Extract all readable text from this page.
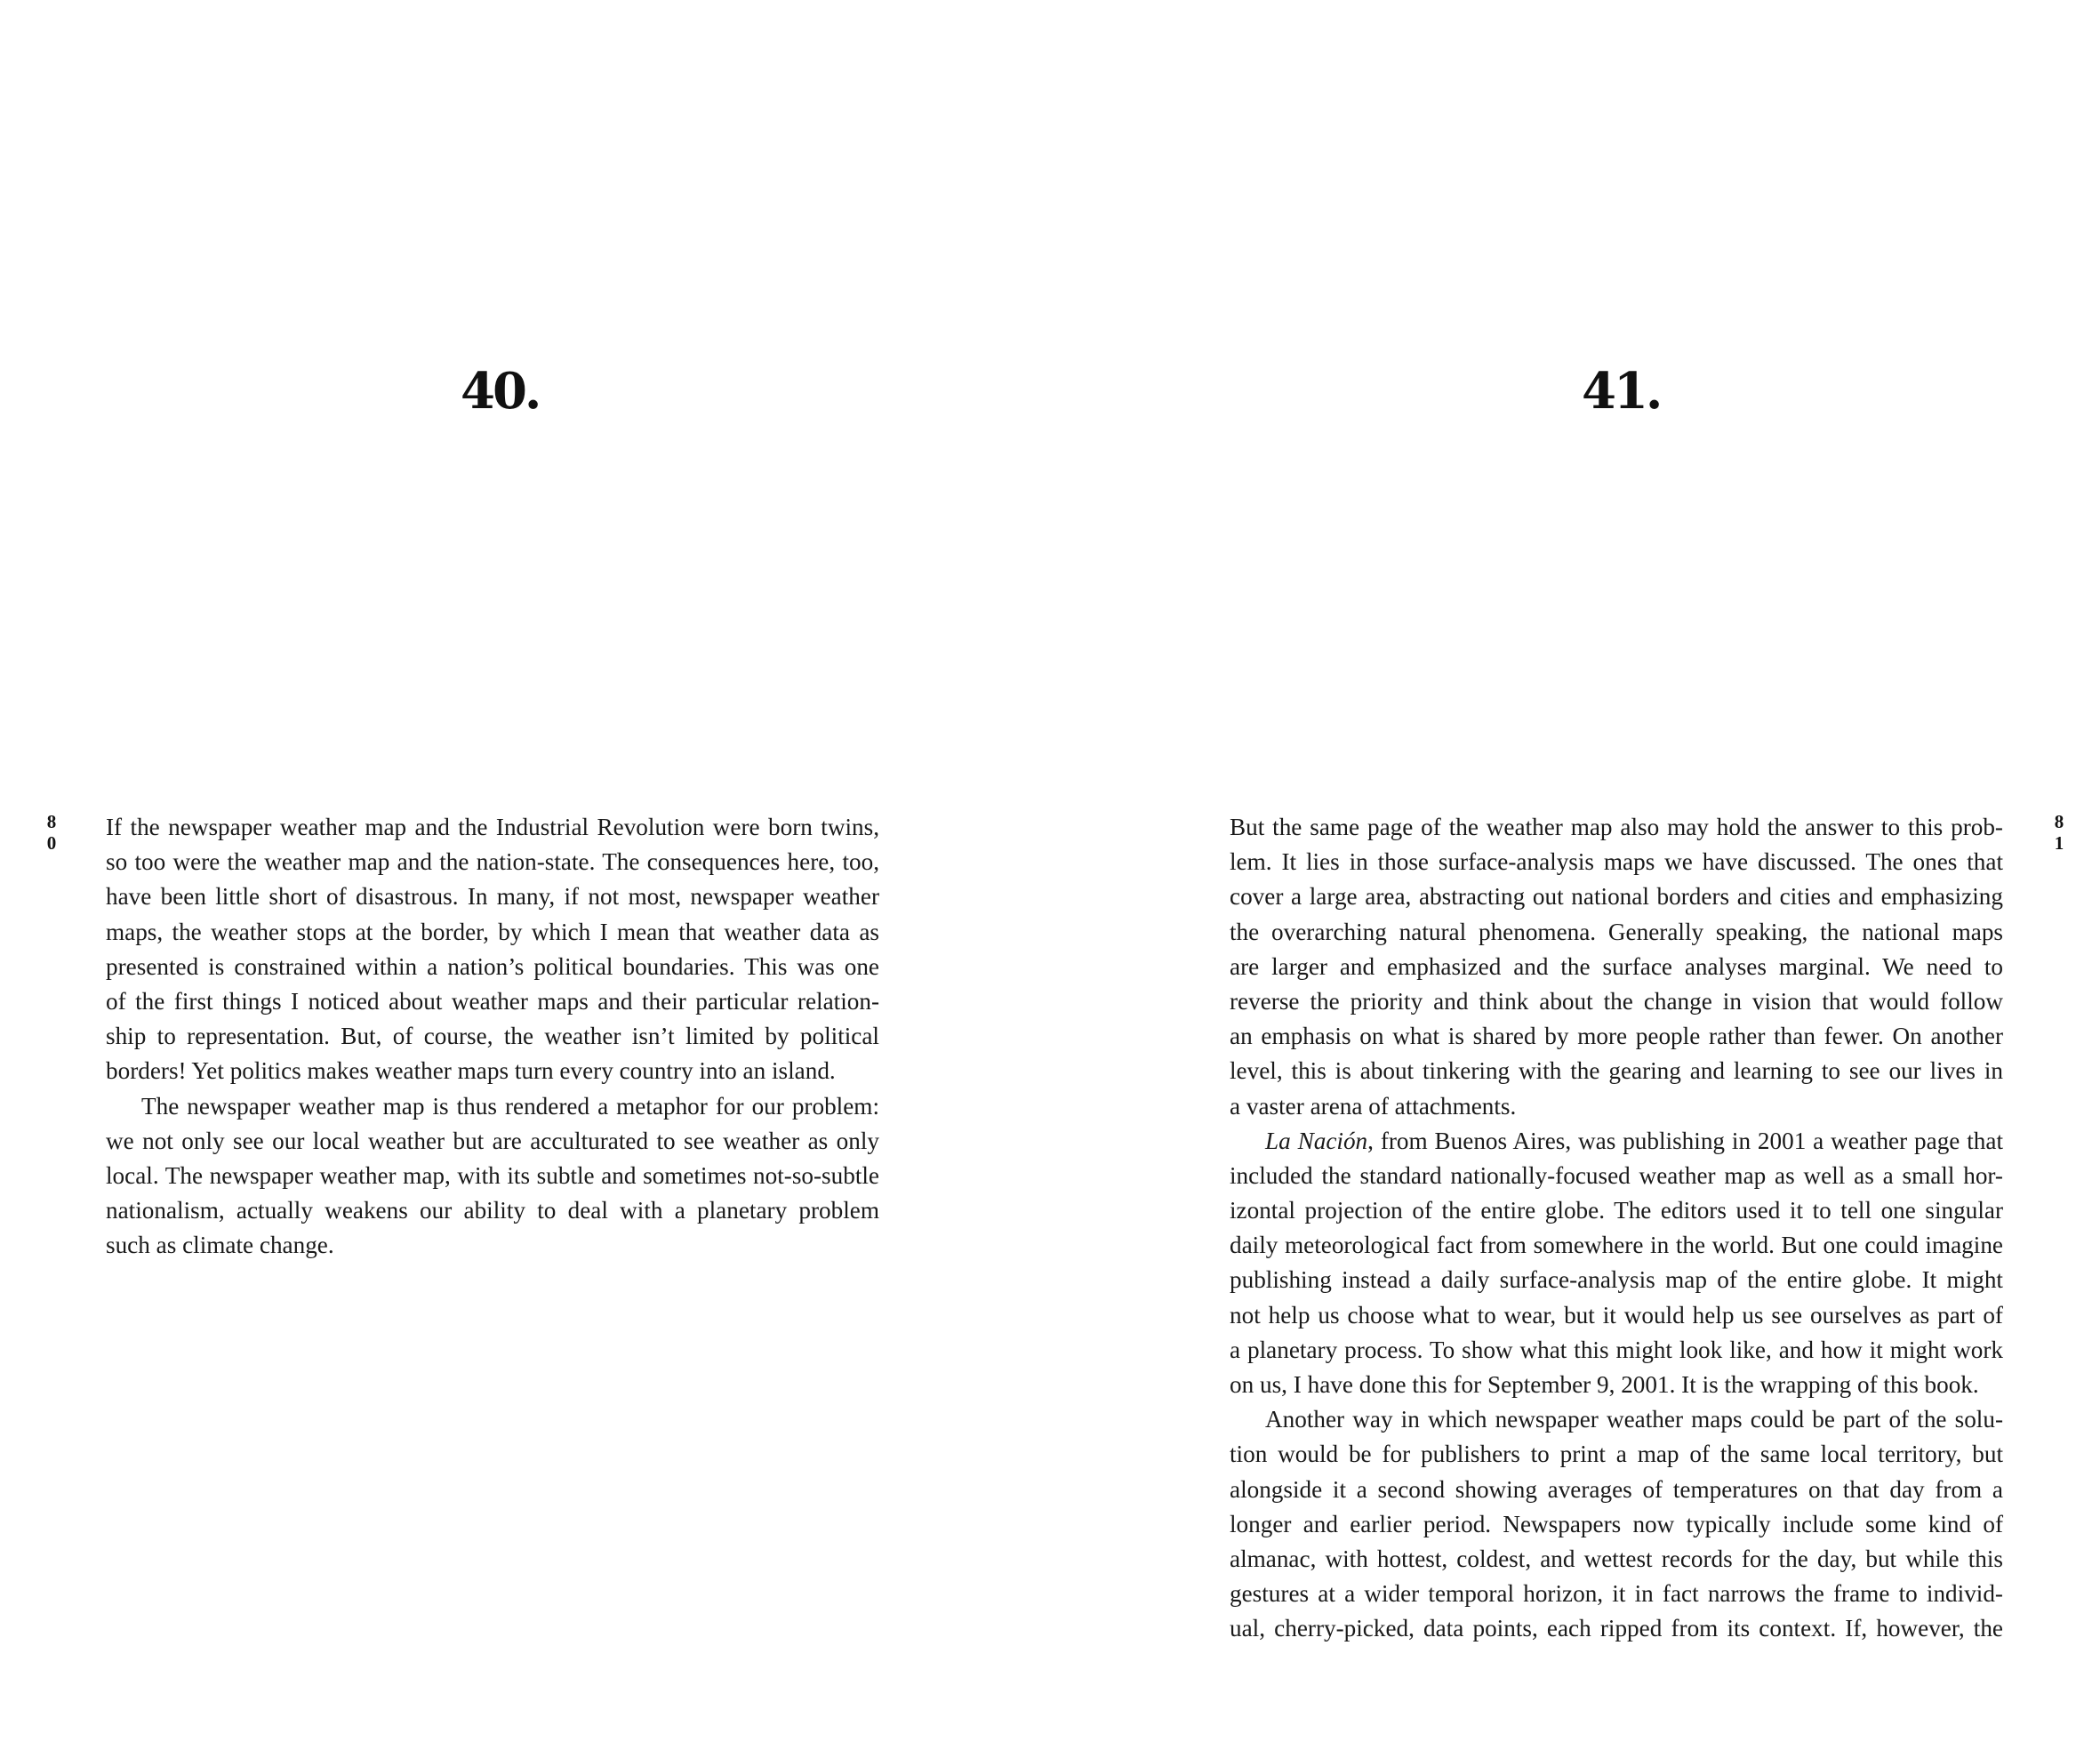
40.
80
If the newspaper weather map and the Industrial Revolution were born twins,
so too were the weather map and the nation-state. The consequences here, too,
have been little short of disastrous. In many, if not most, newspaper weather
maps, the weather stops at the border, by which I mean that weather data as
presented is constrained within a nation’s political boundaries. This was one
of the first things I noticed about weather maps and their particular relation-
ship to representation. But, of course, the weather isn’t limited by political
borders! Yet politics makes weather maps turn every country into an island.
The newspaper weather map is thus rendered a metaphor for our problem:
we not only see our local weather but are acculturated to see weather as only
local. The newspaper weather map, with its subtle and sometimes not-so-subtle
nationalism, actually weakens our ability to deal with a planetary problem
such as climate change.
41.
81
But the same page of the weather map also may hold the answer to this prob-
lem. It lies in those surface-analysis maps we have discussed. The ones that
cover a large area, abstracting out national borders and cities and emphasizing
the overarching natural phenomena. Generally speaking, the national maps
are larger and emphasized and the surface analyses marginal. We need to
reverse the priority and think about the change in vision that would follow
an emphasis on what is shared by more people rather than fewer. On another
level, this is about tinkering with the gearing and learning to see our lives in
a vaster arena of attachments.
La Nación, from Buenos Aires, was publishing in 2001 a weather page that
included the standard nationally-focused weather map as well as a small hor-
izontal projection of the entire globe. The editors used it to tell one singular
daily meteorological fact from somewhere in the world. But one could imagine
publishing instead a daily surface-analysis map of the entire globe. It might
not help us choose what to wear, but it would help us see ourselves as part of
a planetary process. To show what this might look like, and how it might work
on us, I have done this for September 9, 2001. It is the wrapping of this book.
Another way in which newspaper weather maps could be part of the solu-
tion would be for publishers to print a map of the same local territory, but
alongside it a second showing averages of temperatures on that day from a
longer and earlier period. Newspapers now typically include some kind of
almanac, with hottest, coldest, and wettest records for the day, but while this
gestures at a wider temporal horizon, it in fact narrows the frame to individ-
ual, cherry-picked, data points, each ripped from its context. If, however, the
